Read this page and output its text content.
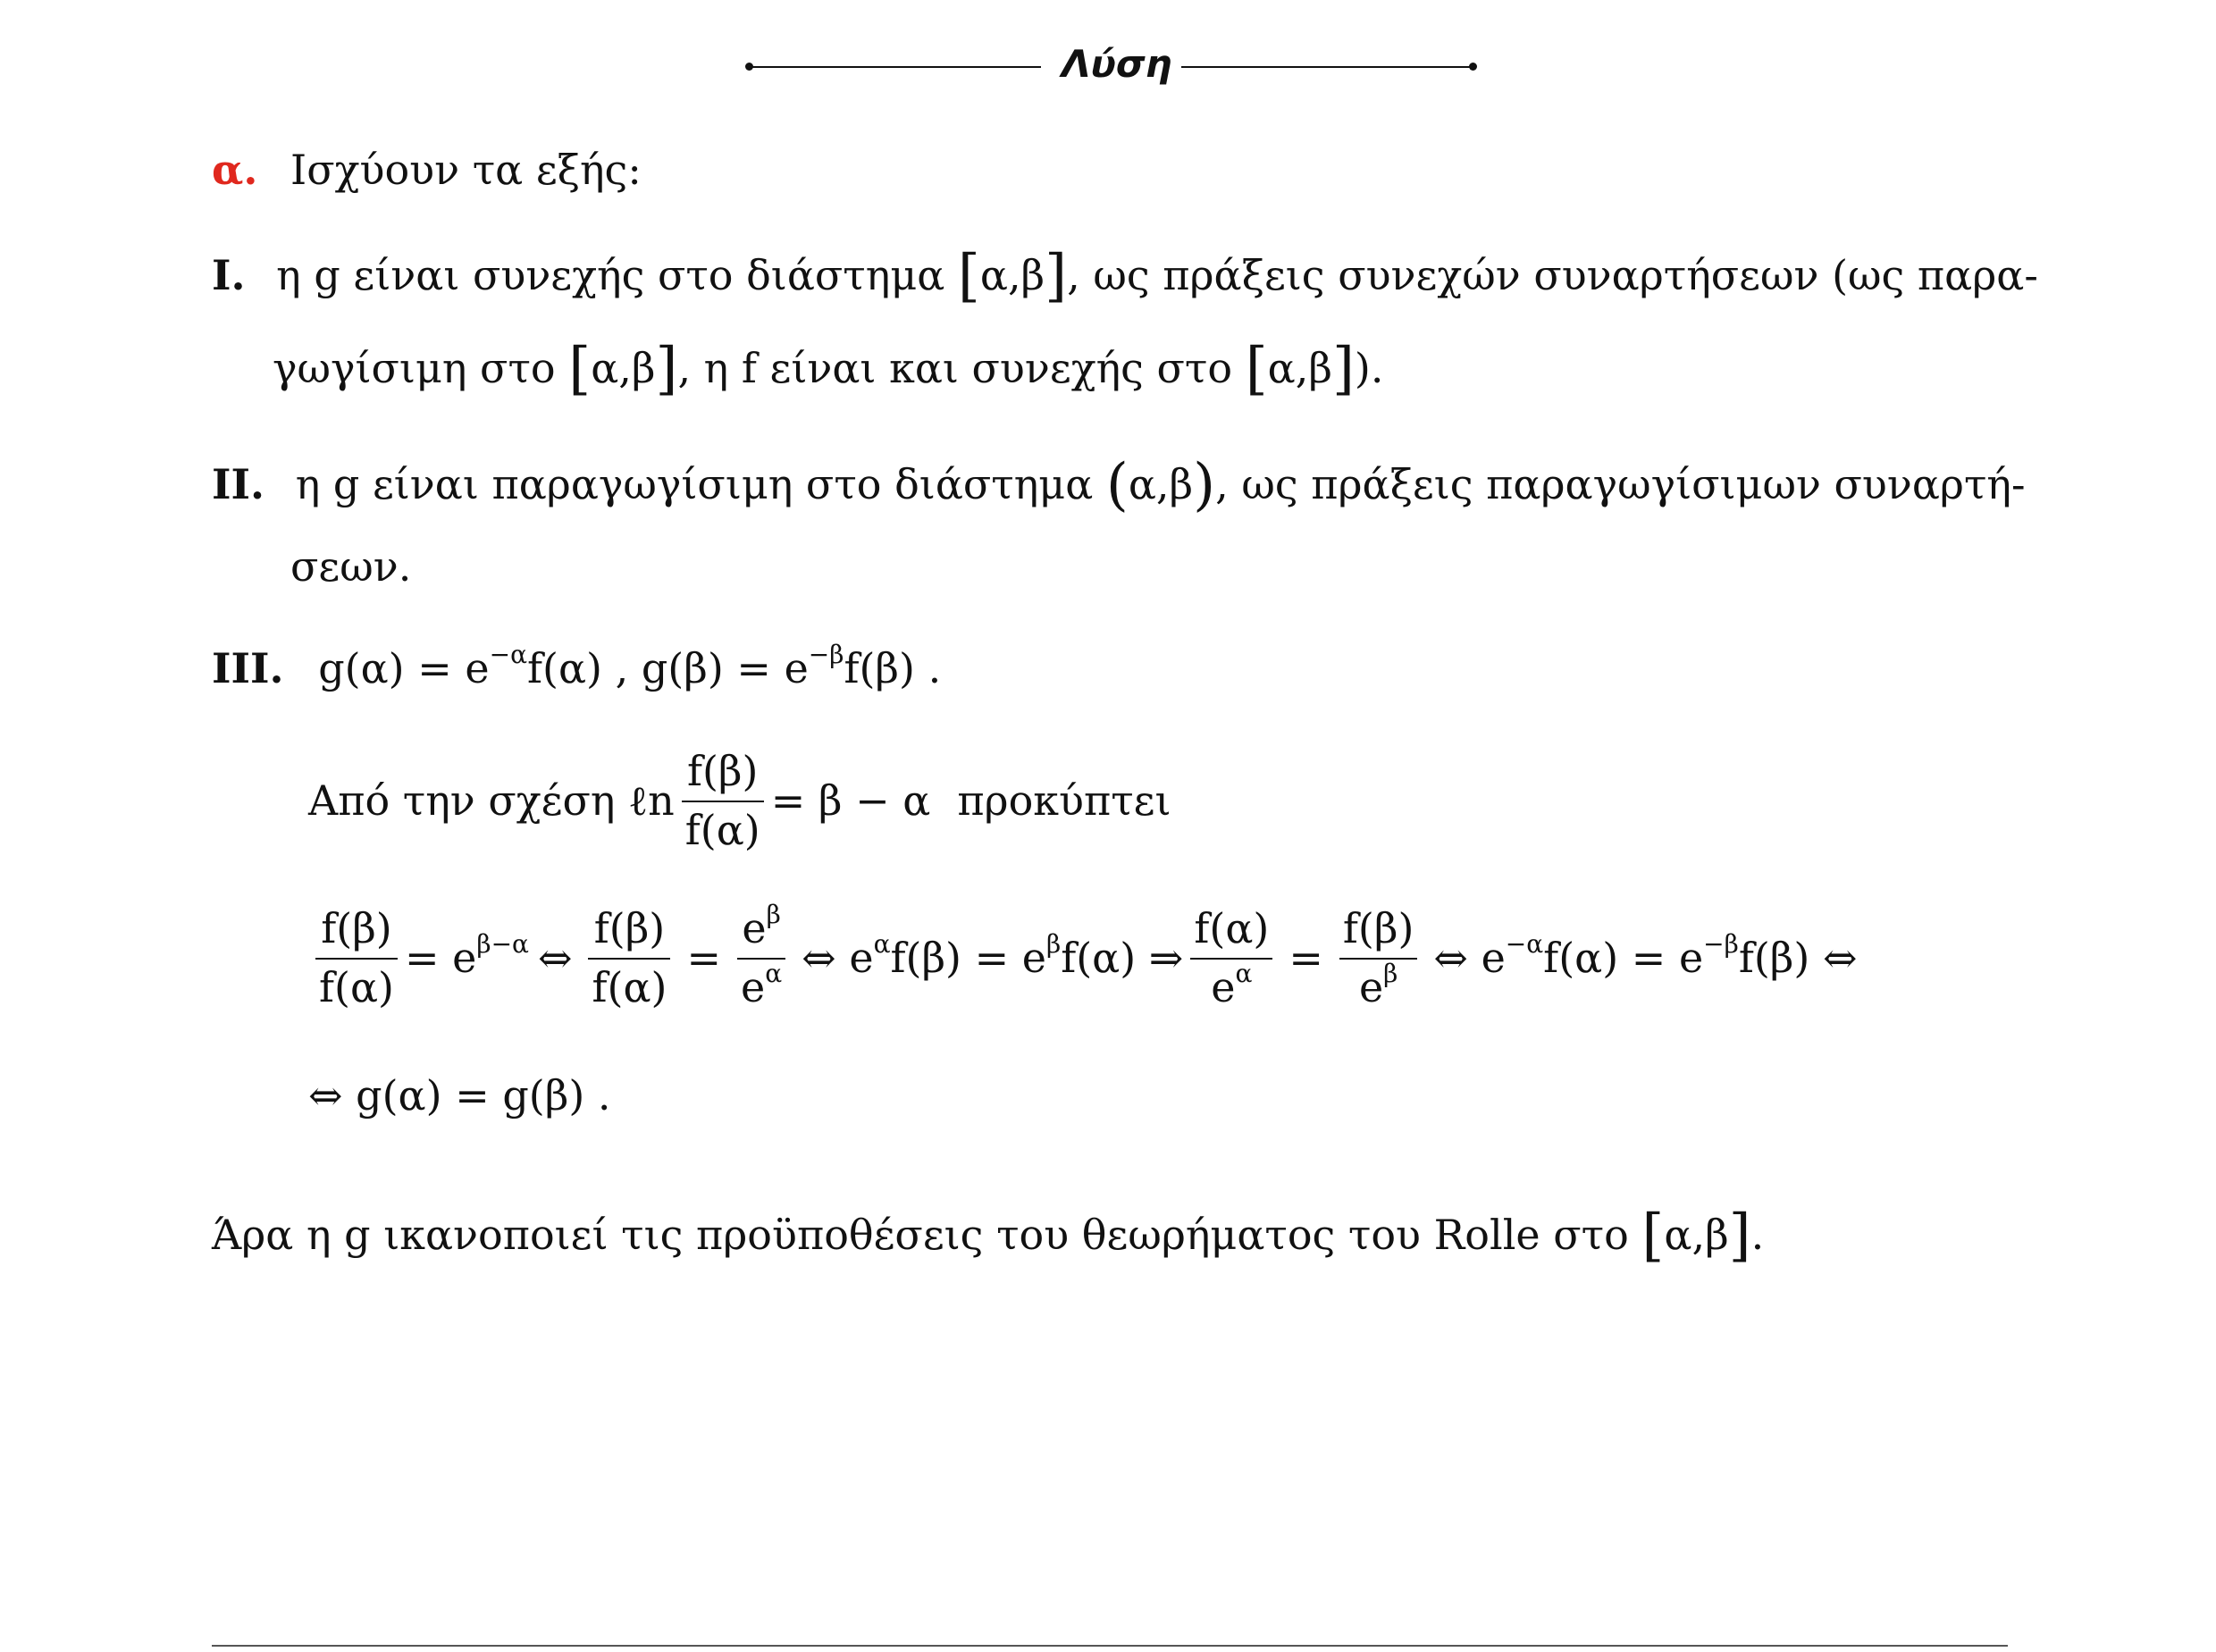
Λύση
α. Ισχύουν τα εξής:
I. η g είναι συνεχής στο διάστημα [α,β], ως πράξεις συνεχών συναρτήσεων (ως παρα-
γωγίσιμη στο [α,β], η f είναι και συνεχής στο [α,β]).
II. η g είναι παραγωγίσιμη στο διάστημα (α,β), ως πράξεις παραγωγίσιμων συναρτή-
σεων.
III. $g(\alpha) = e^{-\alpha}f(\alpha)$ , $g(\beta) = e^{-\beta}f(\beta)$ .
Από την σχέση ℓn $\frac{f(\beta)}{f(\alpha)} = \beta - \alpha$ προκύπτει
$\frac{f(\beta)}{f(\alpha)} = e^{\beta-\alpha}$ ⇔ $\frac{f(\beta)}{f(\alpha)} = \frac{e^\beta}{e^\alpha}$ ⇔ $e^\alpha f(\beta) = e^\beta f(\alpha)$ ⇒ $\frac{f(\alpha)}{e^\alpha} = \frac{f(\beta)}{e^\beta}$ ⇔ $e^{-\alpha}f(\alpha) = e^{-\beta}f(\beta)$ ⇔
⇔ g(α) = g(β) .
Άρα η g ικανοποιεί τις προϋποθέσεις του θεωρήματος του Rolle στο [α,β].
